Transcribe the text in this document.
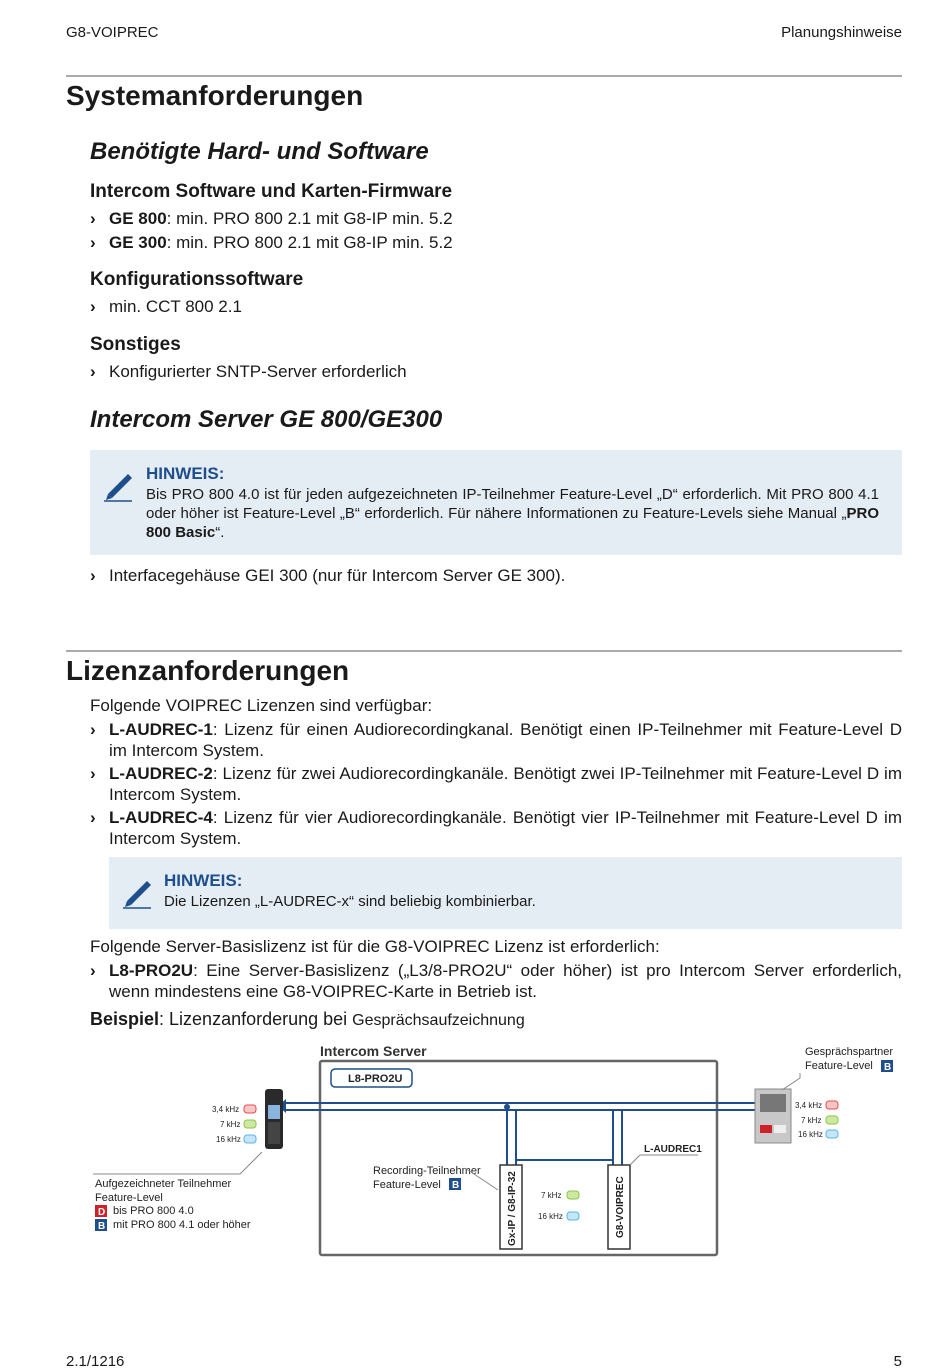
G8-VOIPREC	Planungshinweise
Systemanforderungen
Benötigte Hard- und Software
Intercom Software und Karten-Firmware
› GE 800: min. PRO 800 2.1 mit G8-IP min. 5.2
› GE 300: min. PRO 800 2.1 mit G8-IP min. 5.2
Konfigurationssoftware
› min. CCT 800 2.1
Sonstiges
› Konfigurierter SNTP-Server erforderlich
Intercom Server GE 800/GE300
HINWEIS:
Bis PRO 800 4.0 ist für jeden aufgezeichneten IP-Teilnehmer Feature-Level „D“ erforderlich. Mit PRO 800 4.1 oder höher ist Feature-Level „B“ erforderlich. Für nähere Informationen zu Feature-Levels siehe Manual „PRO 800 Basic“.
› Interfacegehäuse GEI 300 (nur für Intercom Server GE 300).
Lizenzanforderungen
Folgende VOIPREC Lizenzen sind verfügbar:
› L-AUDREC-1: Lizenz für einen Audiorecordingkanal. Benötigt einen IP-Teilnehmer mit Feature-Level D im Intercom System.
› L-AUDREC-2: Lizenz für zwei Audiorecordingkanäle. Benötigt zwei IP-Teilnehmer mit Feature-Level D im Intercom System.
› L-AUDREC-4: Lizenz für vier Audiorecordingkanäle. Benötigt vier IP-Teilnehmer mit Feature-Level D im Intercom System.
HINWEIS:
Die Lizenzen „L-AUDREC-x“ sind beliebig kombinierbar.
Folgende Server-Basislizenz ist für die G8-VOIPREC Lizenz ist erforderlich:
› L8-PRO2U: Eine Server-Basislizenz („L3/8-PRO2U“ oder höher) ist pro Intercom Server erforderlich, wenn mindestens eine G8-VOIPREC-Karte in Betrieb ist.
Beispiel: Lizenzanforderung bei Gesprächsaufzeichnung
Intercom Server
L8-PRO2U
Gx-IP / G8-IP-32	G8-VOIPREC
L-AUDREC1
7 kHz
16 kHz
Recording-Teilnehmer
Feature-Level B
3,4 kHz
7 kHz
16 kHz
Aufgezeichneter Teilnehmer
Feature-Level
D bis PRO 800 4.0
B mit PRO 800 4.1 oder höher
3,4 kHz
7 kHz
16 kHz
Gesprächspartner
Feature-Level B
2.1/1216	5
